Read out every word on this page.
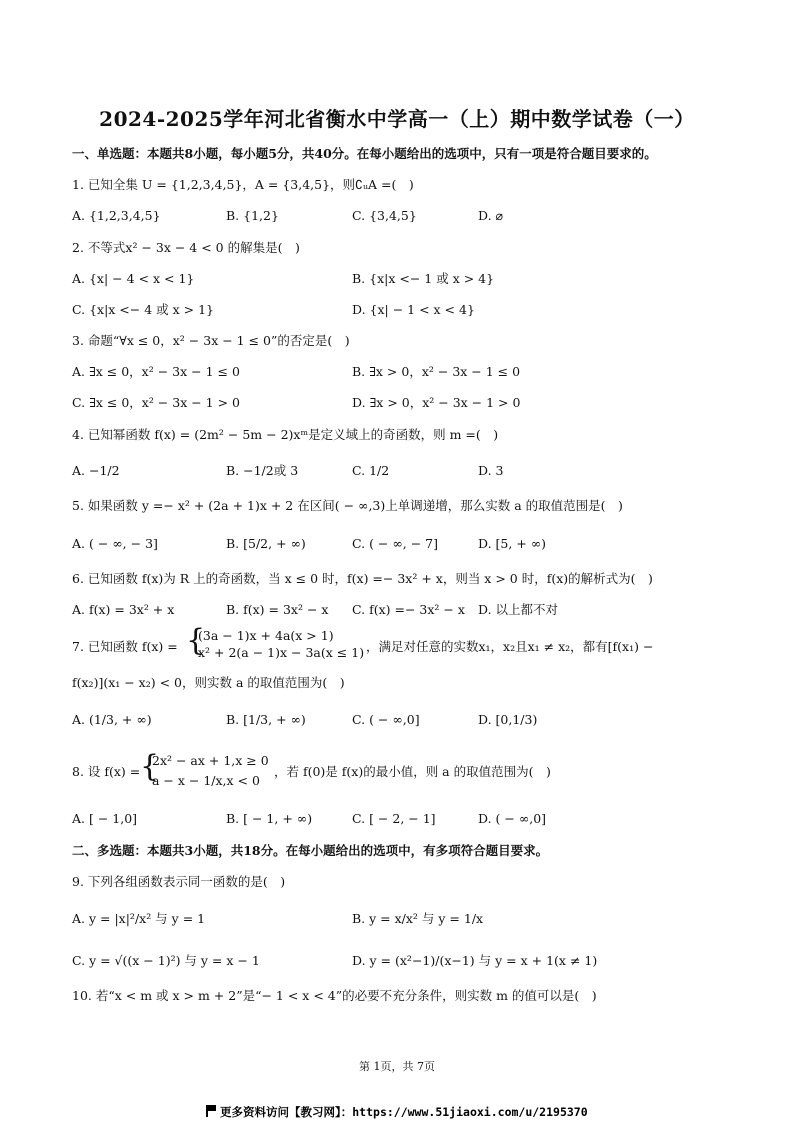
2024-2025学年河北省衡水中学高一（上）期中数学试卷（一）
一、单选题：本题共8小题，每小题5分，共40分。在每小题给出的选项中，只有一项是符合题目要求的。
1. 已知全集 U = {1,2,3,4,5}，A = {3,4,5}，则∁ᵤA =(　)
A. {1,2,3,4,5}	B. {1,2}	C. {3,4,5}	D. ⌀
2. 不等式x² − 3x − 4 < 0 的解集是(　)
A. {x| − 4 < x < 1}	B. {x|x <− 1 或 x > 4}
C. {x|x <− 4 或 x > 1}	D. {x| − 1 < x < 4}
3. 命题“∀x ≤ 0，x² − 3x − 1 ≤ 0”的否定是(　)
A. ∃x ≤ 0，x² − 3x − 1 ≤ 0	B. ∃x > 0，x² − 3x − 1 ≤ 0
C. ∃x ≤ 0，x² − 3x − 1 > 0	D. ∃x > 0，x² − 3x − 1 > 0
4. 已知幂函数 f(x) = (2m² − 5m − 2)xᵐ是定义域上的奇函数，则 m =(　)
A. −1/2	B. −1/2或 3	C. 1/2	D. 3
5. 如果函数 y =− x² + (2a + 1)x + 2 在区间( − ∞,3)上单调递增，那么实数 a 的取值范围是(　)
A. ( − ∞, − 3]	B. [5/2, + ∞)	C. ( − ∞, − 7]	D. [5, + ∞)
6. 已知函数 f(x)为 R 上的奇函数，当 x ≤ 0 时，f(x) =− 3x² + x，则当 x > 0 时，f(x)的解析式为(　)
A. f(x) = 3x² + x	B. f(x) = 3x² − x C. f(x) =− 3x² − x D. 以上都不对
7. 已知函数 f(x) = {
(3a − 1)x + 4a(x > 1)
x² + 2(a − 1)x − 3a(x ≤ 1) ，满足对任意的实数x₁，x₂且x₁ ≠ x₂，都有[f(x₁) −
f(x₂)](x₁ − x₂) < 0，则实数 a 的取值范围为(　)
A. (1/3, + ∞)	B. [1/3, + ∞)	C. ( − ∞,0]	D. [0,1/3)
8. 设 f(x) = {
2x² − ax + 1,x ≥ 0
a − x − 1/x,x < 0
，若 f(0)是 f(x)的最小值，则 a 的取值范围为(　)
A. [ − 1,0]	B. [ − 1, + ∞)	C. [ − 2, − 1]	D. ( − ∞,0]
二、多选题：本题共3小题，共18分。在每小题给出的选项中，有多项符合题目要求。
9. 下列各组函数表示同一函数的是(　)
A. y = |x|²/x² 与 y = 1	B. y = x/x² 与 y = 1/x
C. y = √((x − 1)²) 与 y = x − 1	D. y = (x²−1)/(x−1) 与 y = x + 1(x ≠ 1)
10. 若“x < m 或 x > m + 2”是“− 1 < x < 4”的必要不充分条件，则实数 m 的值可以是(　)
第 1页，共 7页
更多资料访问【教习网】：https://www.51jiaoxi.com/u/2195370
